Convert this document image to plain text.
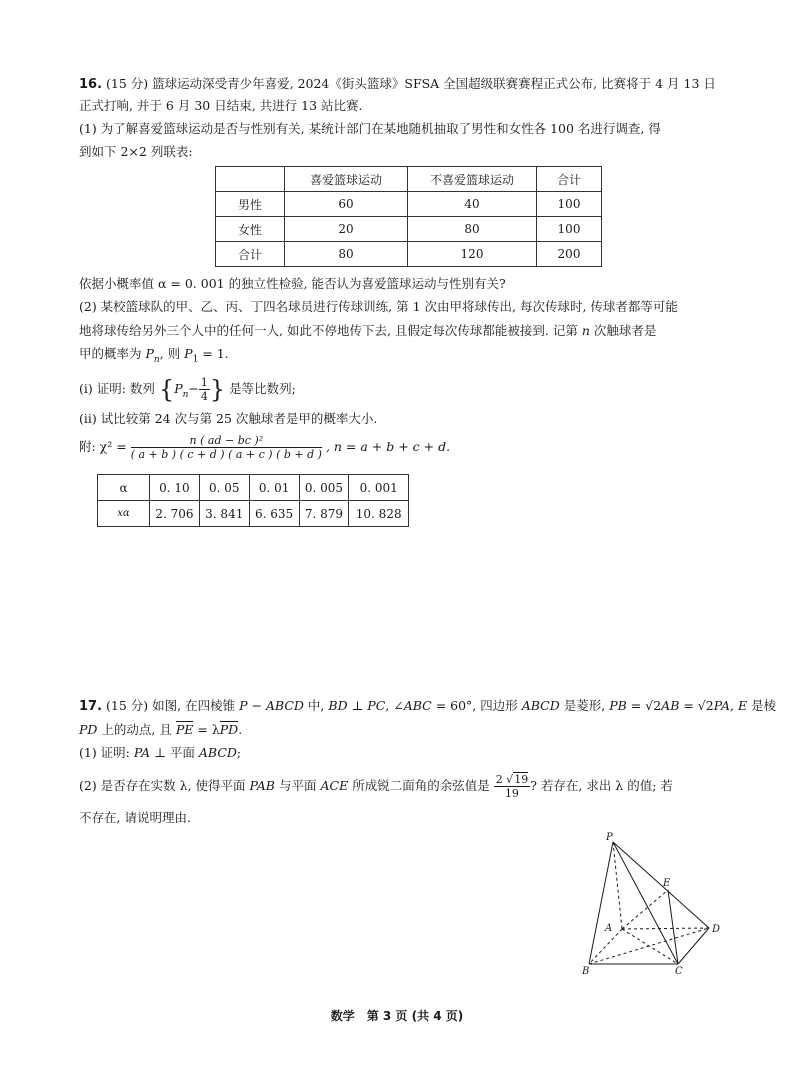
16. (15 分) 篮球运动深受青少年喜爱, 2024《街头篮球》SFSA 全国超级联赛赛程正式公布, 比赛将于 4 月 13 日
正式打响, 并于 6 月 30 日结束, 共进行 13 站比赛.
(1) 为了解喜爱篮球运动是否与性别有关, 某统计部门在某地随机抽取了男性和女性各 100 名进行调查, 得
到如下 2×2 列联表:
	喜爱篮球运动	不喜爱篮球运动	合计
男性	60	40	100
女性	20	80	100
合计	80	120	200
依据小概率值 α = 0. 001 的独立性检验, 能否认为喜爱篮球运动与性别有关?
(2) 某校篮球队的甲、乙、丙、丁四名球员进行传球训练, 第 1 次由甲将球传出, 每次传球时, 传球者都等可能
地将球传给另外三个人中的任何一人, 如此不停地传下去, 且假定每次传球都能被接到. 记第 n 次触球者是
甲的概率为 $P_n$, 则 $P_1 = 1$.
(ⅰ) 证明: 数列 {$P_n- \frac{1}{4}$ } 是等比数列;
(ⅱ) 试比较第 24 次与第 25 次触球者是甲的概率大小.
附: $\chi^2 = \frac{\text{n ( ad − bc )²}}{( a + b ) ( c + d ) ( a + c ) ( b + d )}$ , n = a + b + c + d.
α	0. 10	0. 05	0. 01	0. 005	0. 001
xα	2. 706	3. 841	6. 635	7. 879	10. 828
17. (15 分) 如图, 在四棱锥 P − ABCD 中, BD ⊥ PC, ∠ABC = 60°, 四边形 ABCD 是菱形, PB = √2AB = √2PA, E 是棱
PD 上的动点, 且 PE = λPD.
(1) 证明: PA ⊥ 平面 ABCD;
(2) 是否存在实数 λ, 使得平面 PAB 与平面 ACE 所成锐二面角的余弦值是 $\frac{2 √19}{19}$ ? 若存在, 求出 λ 的值; 若
不存在, 请说明理由.
P
E
A	D
B	C
数学　第 3 页 (共 4 页)
